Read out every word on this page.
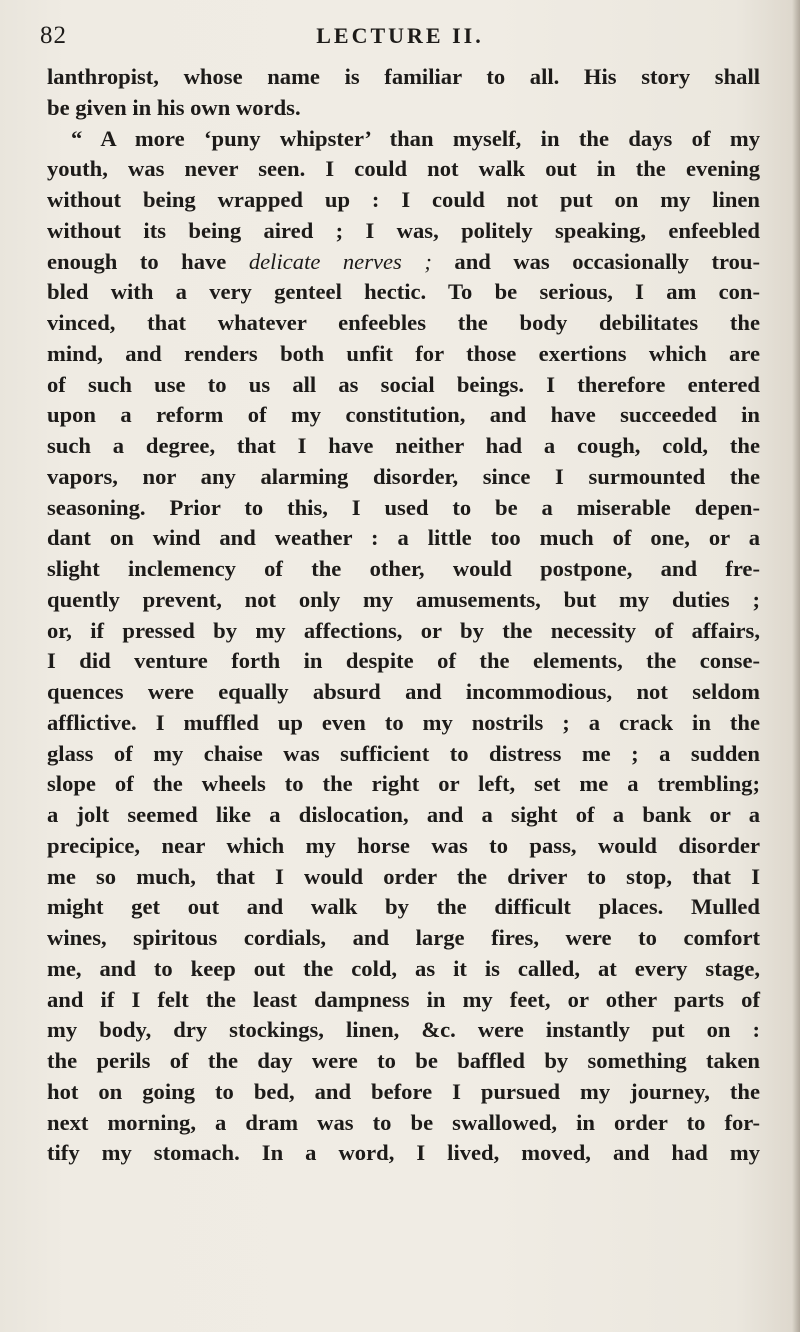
82	LECTURE II.
lanthropist, whose name is familiar to all. His story shall
be given in his own words.
“ A more ‘puny whipster’ than myself, in the days of my
youth, was never seen. I could not walk out in the evening
without being wrapped up : I could not put on my linen
without its being aired ; I was, politely speaking, enfeebled
enough to have delicate nerves ; and was occasionally trou-
bled with a very genteel hectic. To be serious, I am con-
vinced, that whatever enfeebles the body debilitates the
mind, and renders both unfit for those exertions which are
of such use to us all as social beings. I therefore entered
upon a reform of my constitution, and have succeeded in
such a degree, that I have neither had a cough, cold, the
vapors, nor any alarming disorder, since I surmounted the
seasoning. Prior to this, I used to be a miserable depen-
dant on wind and weather : a little too much of one, or a
slight inclemency of the other, would postpone, and fre-
quently prevent, not only my amusements, but my duties ;
or, if pressed by my affections, or by the necessity of affairs,
I did venture forth in despite of the elements, the conse-
quences were equally absurd and incommodious, not seldom
afflictive. I muffled up even to my nostrils ; a crack in the
glass of my chaise was sufficient to distress me ; a sudden
slope of the wheels to the right or left, set me a trembling;
a jolt seemed like a dislocation, and a sight of a bank or a
precipice, near which my horse was to pass, would disorder
me so much, that I would order the driver to stop, that I
might get out and walk by the difficult places. Mulled
wines, spiritous cordials, and large fires, were to comfort
me, and to keep out the cold, as it is called, at every stage,
and if I felt the least dampness in my feet, or other parts of
my body, dry stockings, linen, &c. were instantly put on :
the perils of the day were to be baffled by something taken
hot on going to bed, and before I pursued my journey, the
next morning, a dram was to be swallowed, in order to for-
tify my stomach. In a word, I lived, moved, and had my
